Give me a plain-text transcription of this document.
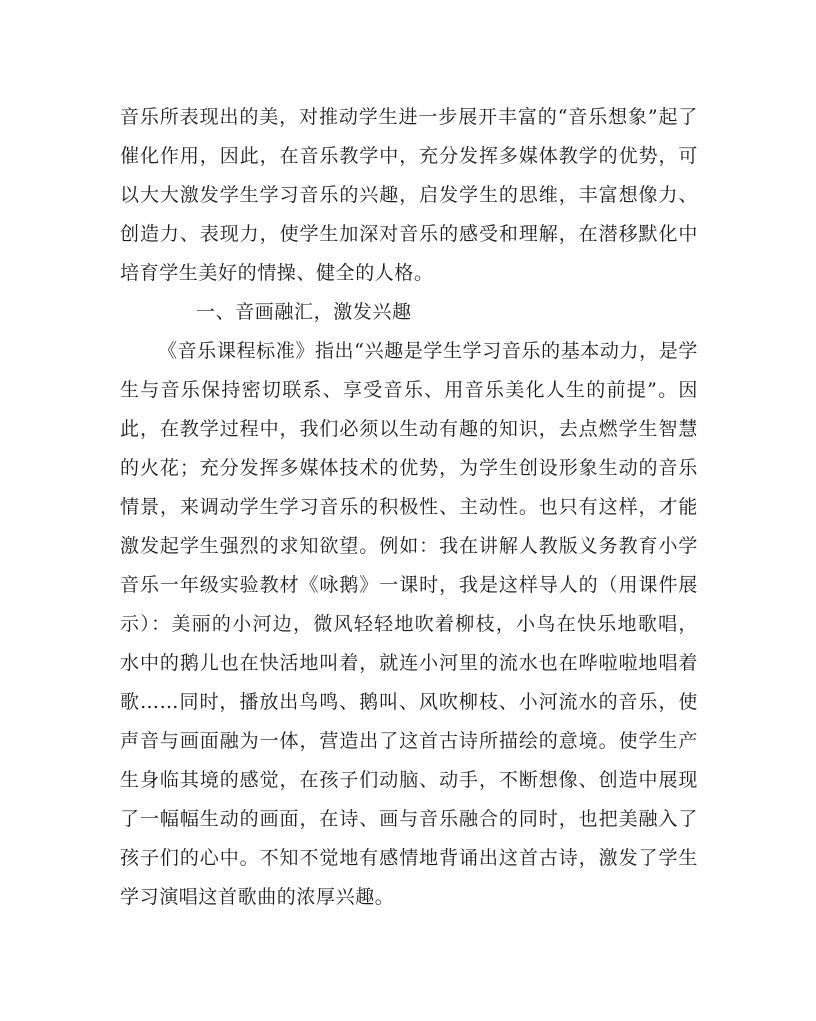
音乐所表现出的美，对推动学生进一步展开丰富的“音乐想象”起了催化作用，因此，在音乐教学中，充分发挥多媒体教学的优势，可以大大激发学生学习音乐的兴趣，启发学生的思维，丰富想像力、创造力、表现力，使学生加深对音乐的感受和理解，在潜移默化中培育学生美好的情操、健全的人格。

一、音画融汇，激发兴趣

《音乐课程标准》指出“兴趣是学生学习音乐的基本动力，是学生与音乐保持密切联系、享受音乐、用音乐美化人生的前提”。因此，在教学过程中，我们必须以生动有趣的知识，去点燃学生智慧的火花；充分发挥多媒体技术的优势，为学生创设形象生动的音乐情景，来调动学生学习音乐的积极性、主动性。也只有这样，才能激发起学生强烈的求知欲望。例如：我在讲解人教版义务教育小学音乐一年级实验教材《咏鹅》一课时，我是这样导人的（用课件展示）：美丽的小河边，微风轻轻地吹着柳枝，小鸟在快乐地歌唱，水中的鹅儿也在快活地叫着，就连小河里的流水也在哗啦啦地唱着歌……同时，播放出鸟鸣、鹅叫、风吹柳枝、小河流水的音乐，使声音与画面融为一体，营造出了这首古诗所描绘的意境。使学生产生身临其境的感觉，在孩子们动脑、动手，不断想像、创造中展现了一幅幅生动的画面，在诗、画与音乐融合的同时，也把美融入了孩子们的心中。不知不觉地有感情地背诵出这首古诗，激发了学生学习演唱这首歌曲的浓厚兴趣。
